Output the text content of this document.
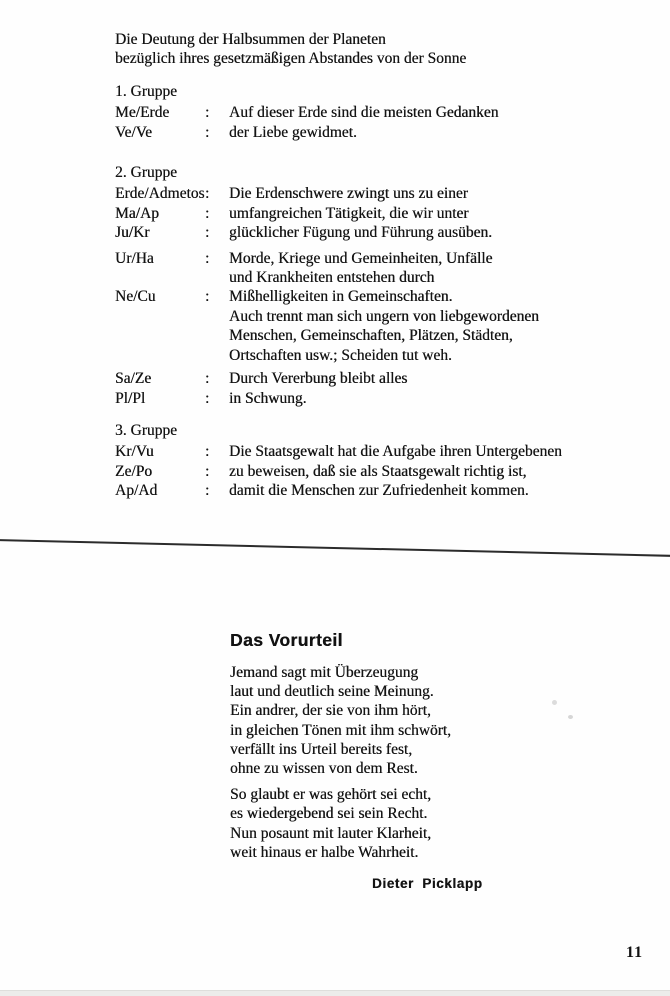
Die Deutung der Halbsummen der Planeten
bezüglich ihres gesetzmäßigen Abstandes von der Sonne
1. Gruppe
Me/Erde	:	Auf dieser Erde sind die meisten Gedanken
Ve/Ve	:	der Liebe gewidmet.
2. Gruppe
Erde/Admetos :	Die Erdenschwere zwingt uns zu einer
Ma/Ap	:	umfangreichen Tätigkeit, die wir unter
Ju/Kr	:	glücklicher Fügung und Führung ausüben.
Ur/Ha	:	Morde, Kriege und Gemeinheiten, Unfälle
und Krankheiten entstehen durch
Ne/Cu	:	Mißhelligkeiten in Gemeinschaften.
Auch trennt man sich ungern von liebgewordenen
Menschen, Gemeinschaften, Plätzen, Städten,
Ortschaften usw.; Scheiden tut weh.
Sa/Ze	:	Durch Vererbung bleibt alles
Pl/Pl	:	in Schwung.
3. Gruppe
Kr/Vu	:	Die Staatsgewalt hat die Aufgabe ihren Untergebenen
Ze/Po	:	zu beweisen, daß sie als Staatsgewalt richtig ist,
Ap/Ad	:	damit die Menschen zur Zufriedenheit kommen.
Das Vorurteil
Jemand sagt mit Überzeugung
laut und deutlich seine Meinung.
Ein andrer, der sie von ihm hört,
in gleichen Tönen mit ihm schwört,
verfällt ins Urteil bereits fest,
ohne zu wissen von dem Rest.
So glaubt er was gehört sei echt,
es wiedergebend sei sein Recht.
Nun posaunt mit lauter Klarheit,
weit hinaus er halbe Wahrheit.
Dieter Picklapp
11
